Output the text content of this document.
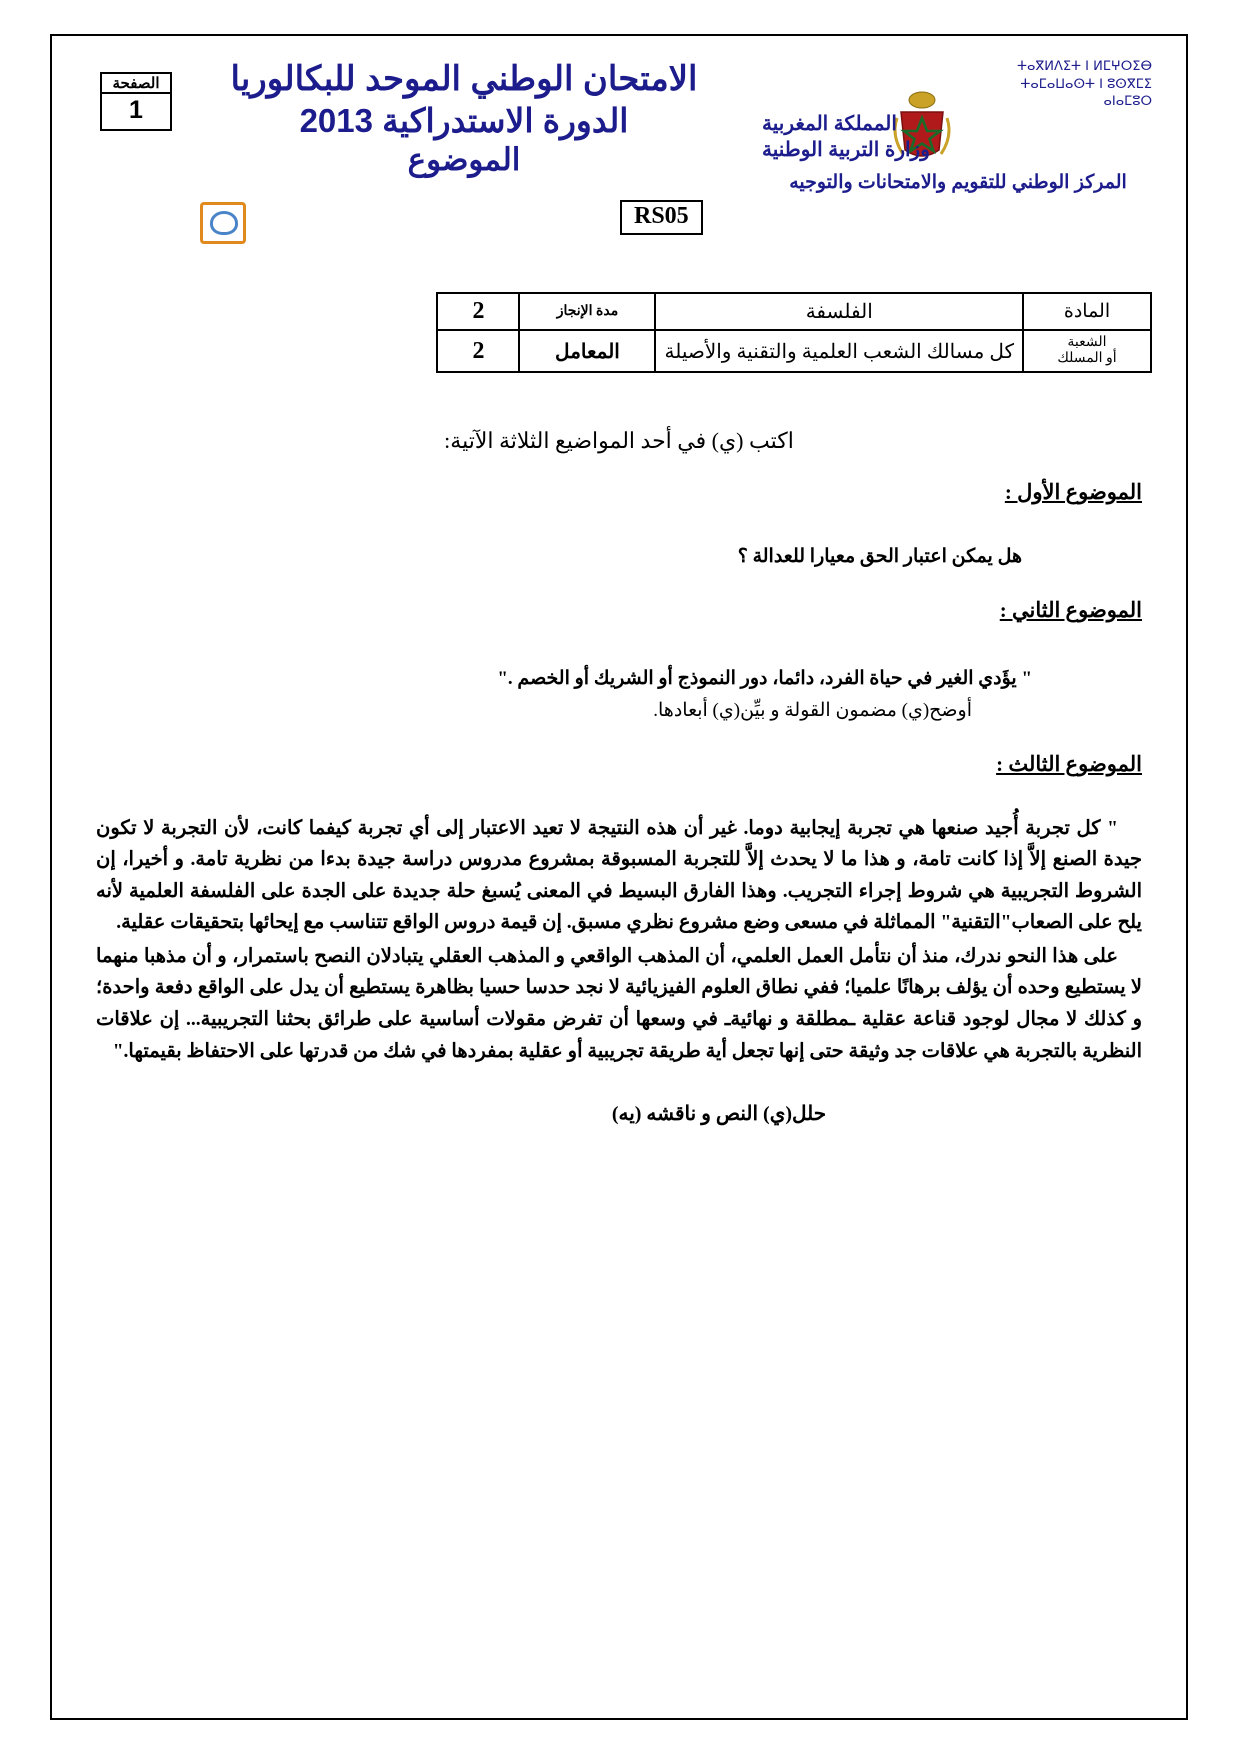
الصفحة
1
الامتحان الوطني الموحد للبكالوريا
الدورة الاستدراكية 2013
الموضوع
RS05
ⵜⴰⴳⵍⴷⵉⵜ ⵏ ⵍⵎⵖⵔⵉⴱ
ⵜⴰⵎⴰⵡⴰⵙⵜ ⵏ ⵓⵙⴳⵎⵉ
ⴰⵏⴰⵎⵓⵔ
المملكة المغربية
وزارة التربية الوطنية
المركز الوطني للتقويم والامتحانات والتوجيه
المادة	الفلسفة	مدة الإنجاز	2

الشعبة
أو المسلك	كل مسالك الشعب العلمية والتقنية والأصيلة	المعامل	2
اكتب (ي) في أحد المواضيع الثلاثة الآتية:
الموضوع الأول :
هل يمكن اعتبار الحق معيارا للعدالة ؟
الموضوع الثاني :
" يؤَدي الغير في حياة الفرد، دائما، دور النموذج أو الشريك أو الخصم ."
أوضح(ي) مضمون القولة و بيِّن(ي) أبعادها.
الموضوع الثالث :

" كل تجربة أُجيد صنعها هي تجربة إيجابية دوما. غير أن هذه النتيجة لا تعيد الاعتبار إلى أي تجربة كيفما كانت، لأن التجربة لا تكون جيدة الصنع إلاَّ إذا كانت تامة، و هذا ما لا يحدث إلاَّ للتجربة المسبوقة بمشروع مدروس دراسة جيدة بدءا من نظرية تامة. و أخيرا، إن الشروط التجريبية هي شروط إجراء التجريب. وهذا الفارق البسيط في المعنى يُسبغ حلة جديدة على الجدة على الفلسفة العلمية لأنه يلح على الصعاب"التقنية" المماثلة في مسعى وضع مشروع نظري مسبق. إن قيمة دروس الواقع تتناسب مع إيحائها بتحقيقات عقلية.

على هذا النحو ندرك، منذ أن نتأمل العمل العلمي، أن المذهب الواقعي و المذهب العقلي يتبادلان النصح باستمرار، و أن مذهبا منهما لا يستطيع وحده أن يؤلف برهانًا علميا؛ ففي نطاق العلوم الفيزيائية لا نجد حدسا حسيا بظاهرة يستطيع أن يدل على الواقع دفعة واحدة؛ و كذلك لا مجال لوجود قناعة عقلية ـمطلقة و نهائيةـ في وسعها أن تفرض مقولات أساسية على طرائق بحثنا التجريبية... إن علاقات النظرية بالتجربة هي علاقات جد وثيقة حتى إنها تجعل أية طريقة تجريبية أو عقلية بمفردها في شك من قدرتها على الاحتفاظ بقيمتها."

حلل(ي) النص و ناقشه (يه)
